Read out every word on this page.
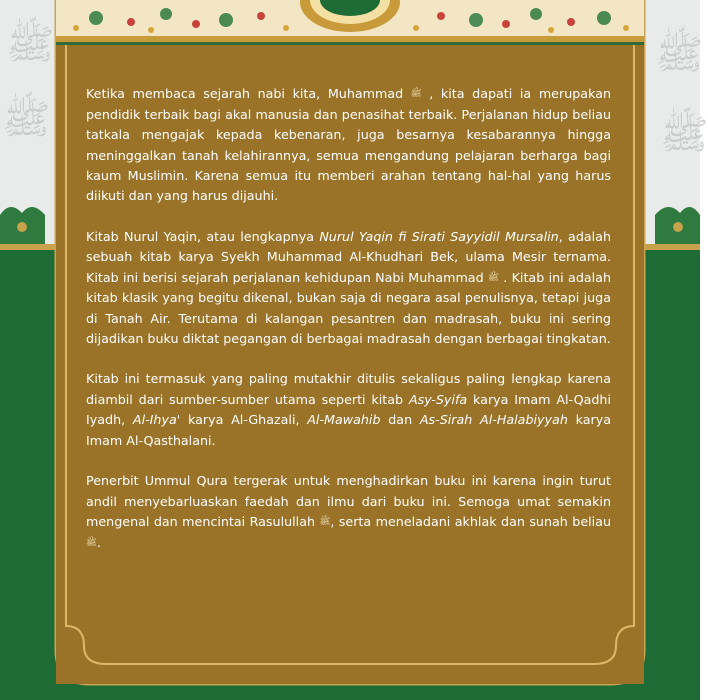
ﷺ
ﷺ
ﷺ
ﷺ

Ketika membaca sejarah nabi kita, Muhammad ﷺ , kita dapati ia merupakan pendidik terbaik bagi akal manusia dan penasihat terbaik. Perjalanan hidup beliau tatkala mengajak kepada kebenaran, juga besarnya kesabarannya hingga meninggalkan tanah kelahirannya, semua mengandung pelajaran berharga bagi kaum Muslimin. Karena semua itu memberi arahan tentang hal-hal yang harus diikuti dan yang harus dijauhi.

Kitab Nurul Yaqin, atau lengkapnya Nurul Yaqin fi Sirati Sayyidil Mursalin, adalah sebuah kitab karya Syekh Muhammad Al-Khudhari Bek, ulama Mesir ternama. Kitab ini berisi sejarah perjalanan kehidupan Nabi Muhammad ﷺ . Kitab ini adalah kitab klasik yang begitu dikenal, bukan saja di negara asal penulisnya, tetapi juga di Tanah Air. Terutama di kalangan pesantren dan madrasah, buku ini sering dijadikan buku diktat pegangan di berbagai madrasah dengan berbagai tingkatan.

Kitab ini termasuk yang paling mutakhir ditulis sekaligus paling lengkap karena diambil dari sumber-sumber utama seperti kitab Asy-Syifa karya Imam Al-Qadhi Iyadh, Al-Ihya' karya Al-Ghazali, Al-Mawahib dan As-Sirah Al-Halabiyyah karya Imam Al-Qasthalani.

Penerbit Ummul Qura tergerak untuk menghadirkan buku ini karena ingin turut andil menyebarluaskan faedah dan ilmu dari buku ini. Semoga umat semakin mengenal dan mencintai Rasulullah ﷺ, serta meneladani akhlak dan sunah beliau ﷺ.
